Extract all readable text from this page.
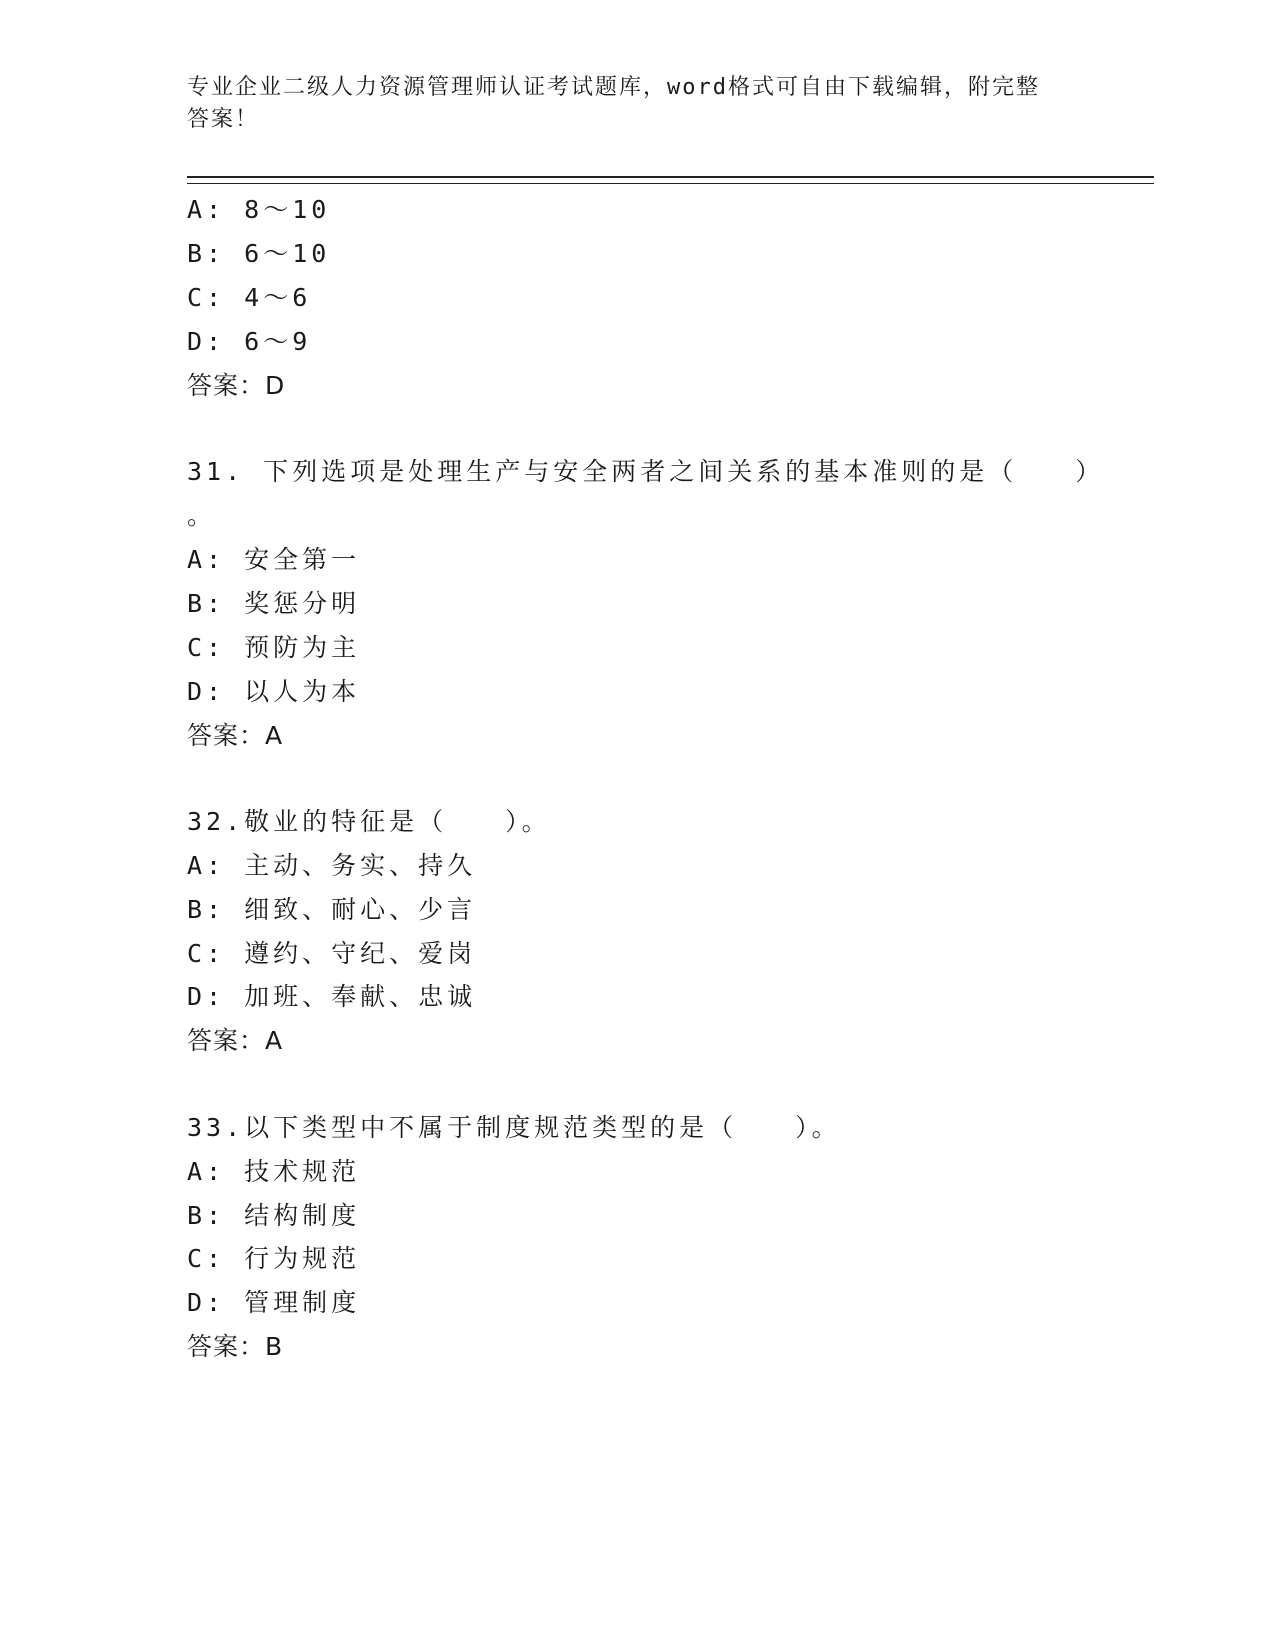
专业企业二级人力资源管理师认证考试题库，word格式可自由下载编辑，附完整
答案！
A: 8～10
B: 6～10
C: 4～6
D: 6～9
答案：D
31. 下列选项是处理生产与安全两者之间关系的基本准则的是（　　）
。
A: 安全第一
B: 奖惩分明
C: 预防为主
D: 以人为本
答案：A
32.敬业的特征是（　　）。
A: 主动、务实、持久
B: 细致、耐心、少言
C: 遵约、守纪、爱岗
D: 加班、奉献、忠诚
答案：A
33.以下类型中不属于制度规范类型的是（　　）。
A: 技术规范
B: 结构制度
C: 行为规范
D: 管理制度
答案：B
